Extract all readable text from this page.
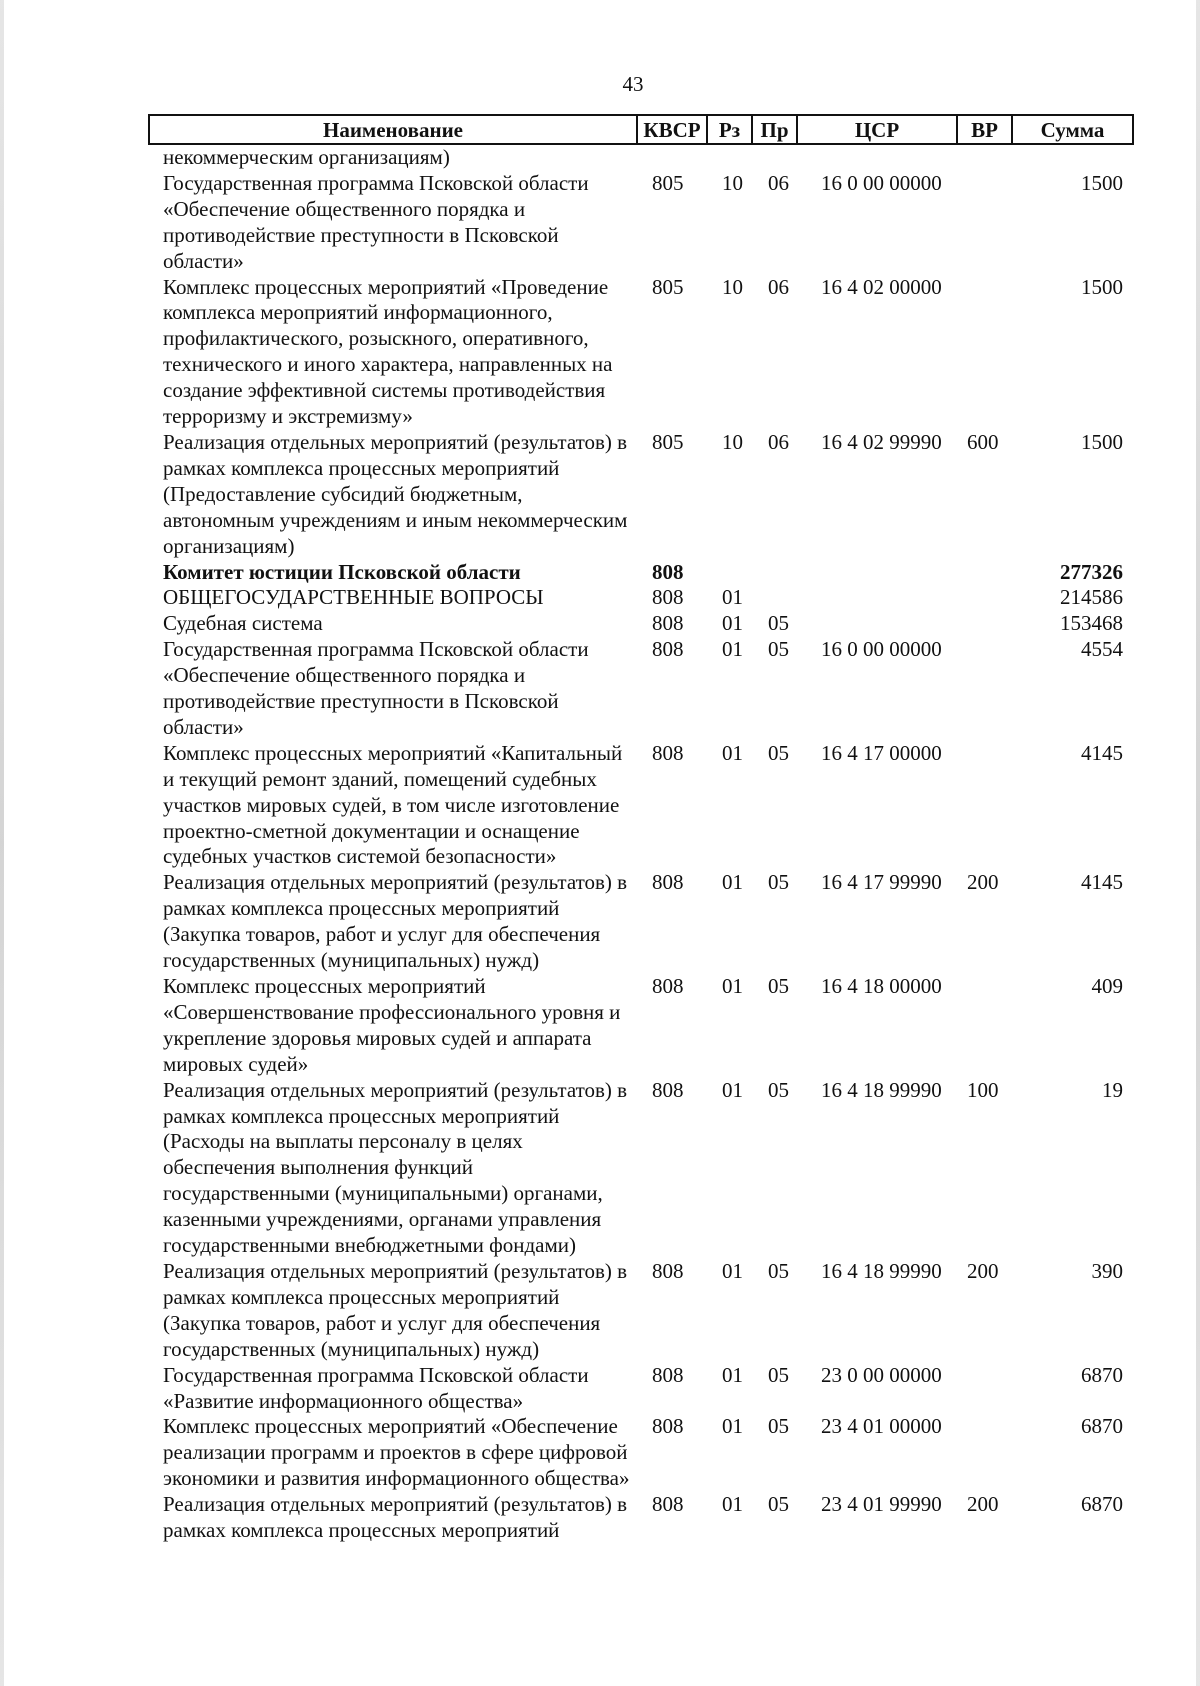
43
Наименование	КВСР	Рз	Пр	ЦСР	ВР	Сумма
некоммерческим организациям)						
Государственная программа Псковской области «Обеспечение общественного порядка и противодействие преступности в Псковской области»	805	10	06	16 0 00 00000		1500
Комплекс процессных мероприятий «Проведение комплекса мероприятий информационного, профилактического, розыскного, оперативного, технического и иного характера, направленных на создание эффективной системы противодействия терроризму и экстремизму»	805	10	06	16 4 02 00000		1500
Реализация отдельных мероприятий (результатов) в рамках комплекса процессных мероприятий (Предоставление субсидий бюджетным, автономным учреждениям и иным некоммерческим организациям)	805	10	06	16 4 02 99990	600	1500
Комитет юстиции Псковской области	808					277326
ОБЩЕГОСУДАРСТВЕННЫЕ ВОПРОСЫ	808	01				214586
Судебная система	808	01	05			153468
Государственная программа Псковской области «Обеспечение общественного порядка и противодействие преступности в Псковской области»	808	01	05	16 0 00 00000		4554
Комплекс процессных мероприятий «Капитальный и текущий ремонт зданий, помещений судебных участков мировых судей, в том числе изготовление проектно-сметной документации и оснащение судебных участков системой безопасности»	808	01	05	16 4 17 00000		4145
Реализация отдельных мероприятий (результатов) в рамках комплекса процессных мероприятий (Закупка товаров, работ и услуг для обеспечения государственных (муниципальных) нужд)	808	01	05	16 4 17 99990	200	4145
Комплекс процессных мероприятий «Совершенствование профессионального уровня и укрепление здоровья мировых судей и аппарата мировых судей»	808	01	05	16 4 18 00000		409
Реализация отдельных мероприятий (результатов) в рамках комплекса процессных мероприятий (Расходы на выплаты персоналу в целях обеспечения выполнения функций государственными (муниципальными) органами, казенными учреждениями, органами управления государственными внебюджетными фондами)	808	01	05	16 4 18 99990	100	19
Реализация отдельных мероприятий (результатов) в рамках комплекса процессных мероприятий (Закупка товаров, работ и услуг для обеспечения государственных (муниципальных) нужд)	808	01	05	16 4 18 99990	200	390
Государственная программа Псковской области «Развитие информационного общества»	808	01	05	23 0 00 00000		6870
Комплекс процессных мероприятий «Обеспечение реализации программ и проектов в сфере цифровой экономики и развития информационного общества»	808	01	05	23 4 01 00000		6870
Реализация отдельных мероприятий (результатов) в рамках комплекса процессных мероприятий	808	01	05	23 4 01 99990	200	6870
